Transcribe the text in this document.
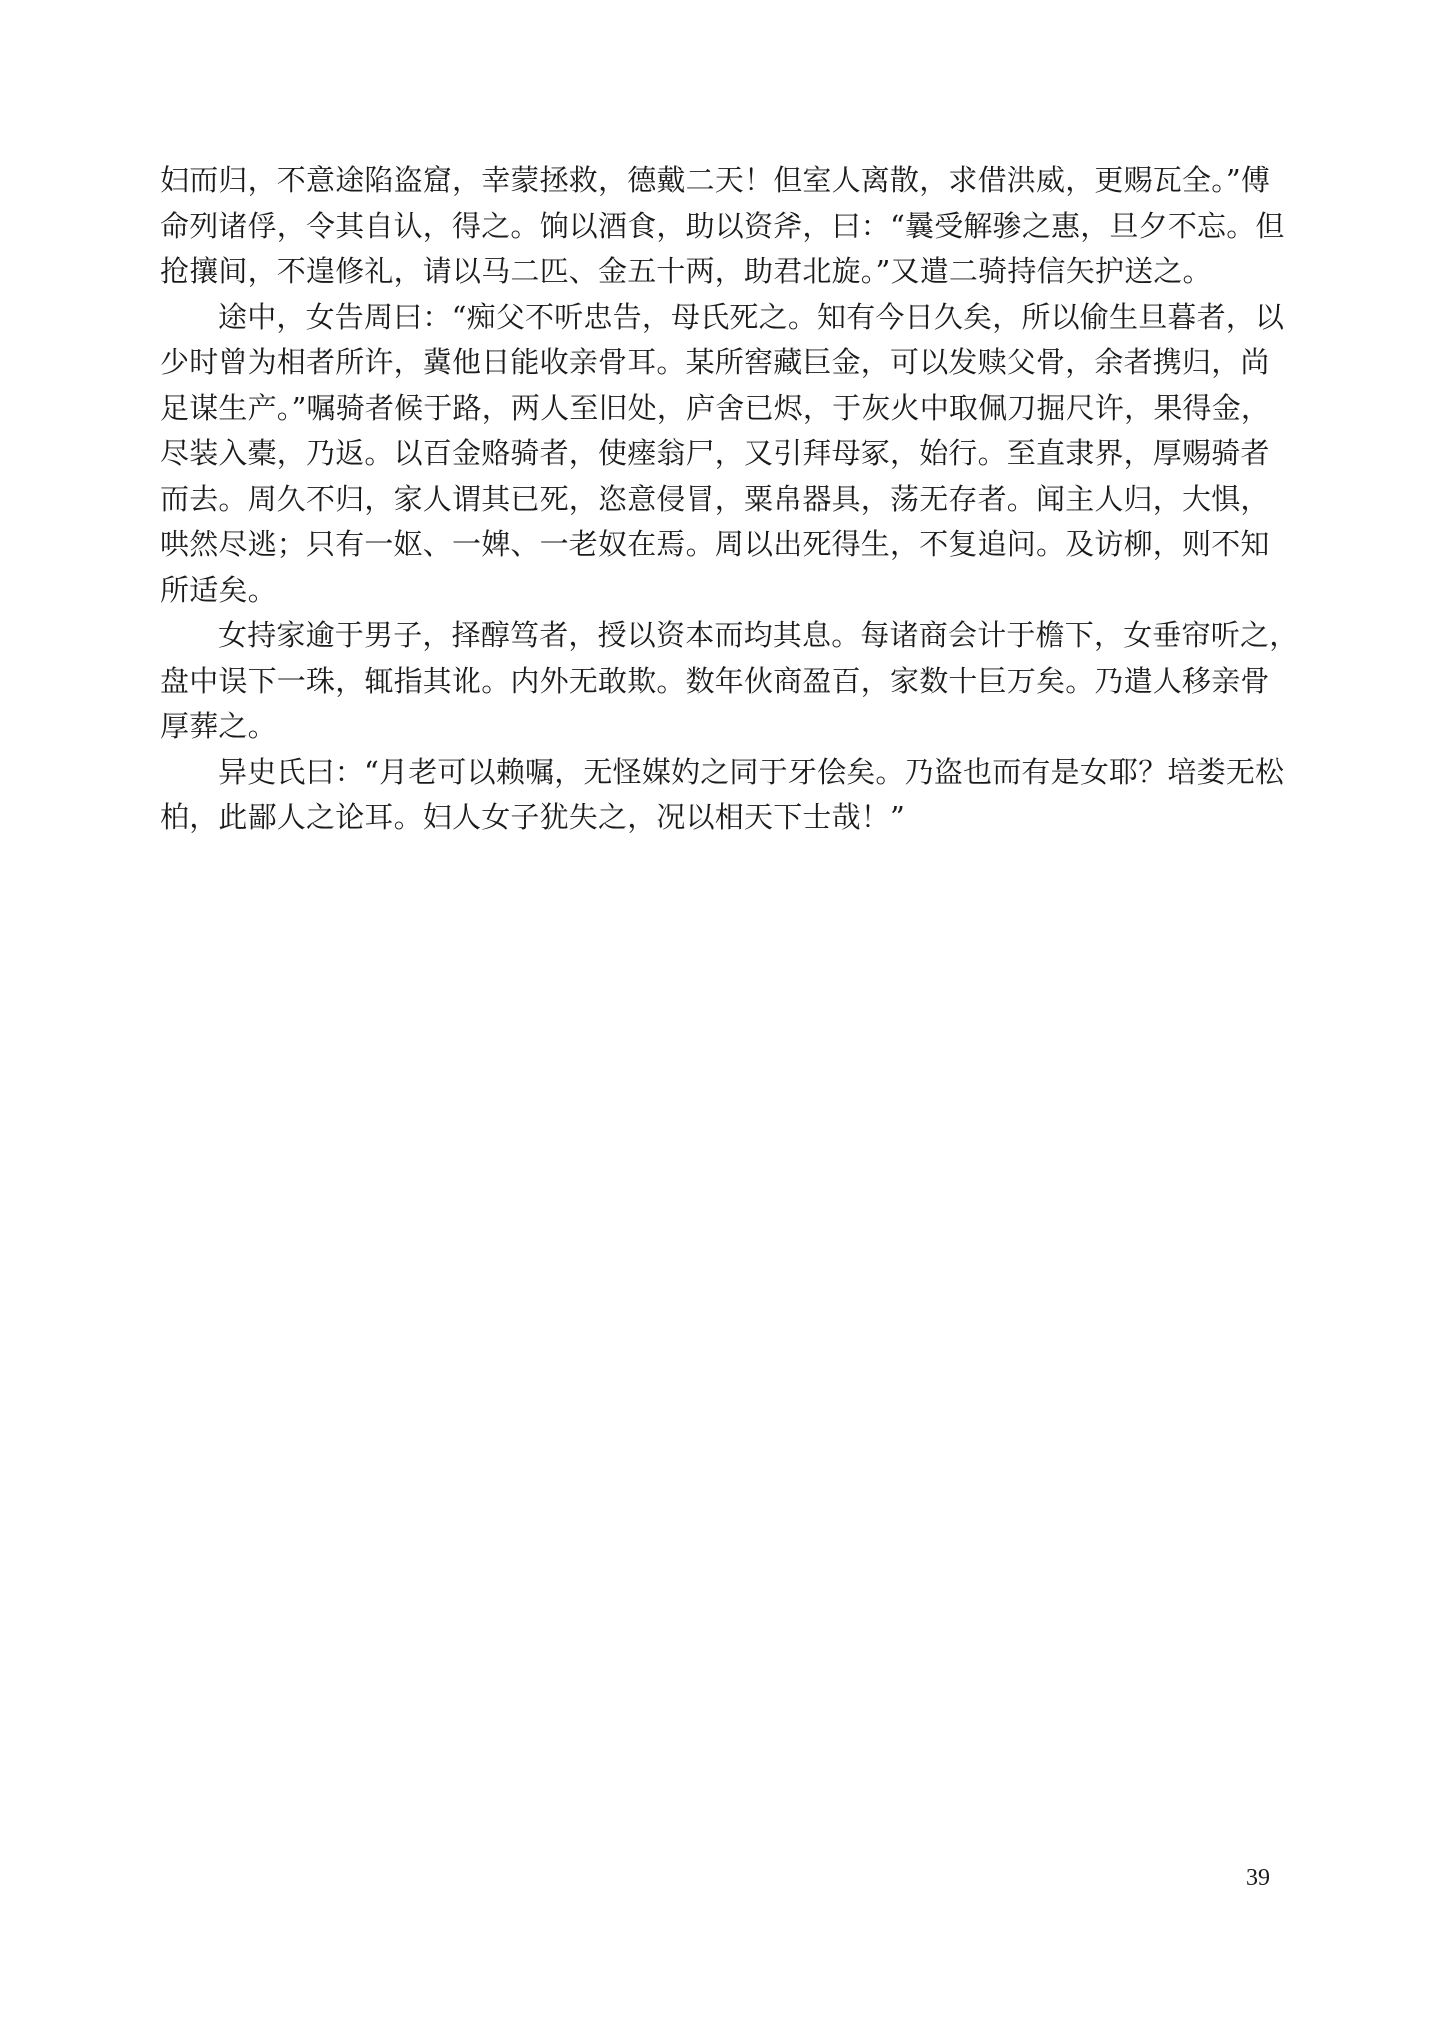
妇而归，不意途陷盗窟，幸蒙拯救，德戴二天！但室人离散，求借洪威，更赐瓦全。”傅
命列诸俘，令其自认，得之。饷以酒食，助以资斧，曰：“曩受解骖之惠，旦夕不忘。但
抢攘间，不遑修礼，请以马二匹、金五十两，助君北旋。”又遣二骑持信矢护送之。
途中，女告周曰：“痴父不听忠告，母氏死之。知有今日久矣，所以偷生旦暮者，以
少时曾为相者所许，冀他日能收亲骨耳。某所窖藏巨金，可以发赎父骨，余者携归，尚
足谋生产。”嘱骑者候于路，两人至旧处，庐舍已烬，于灰火中取佩刀掘尺许，果得金，
尽装入橐，乃返。以百金赂骑者，使瘗翁尸，又引拜母冢，始行。至直隶界，厚赐骑者
而去。周久不归，家人谓其已死，恣意侵冒，粟帛器具，荡无存者。闻主人归，大惧，
哄然尽逃；只有一妪、一婢、一老奴在焉。周以出死得生，不复追问。及访柳，则不知
所适矣。
女持家逾于男子，择醇笃者，授以资本而均其息。每诸商会计于檐下，女垂帘听之，
盘中误下一珠，辄指其讹。内外无敢欺。数年伙商盈百，家数十巨万矣。乃遣人移亲骨
厚葬之。
异史氏曰：“月老可以赖嘱，无怪媒妁之同于牙侩矣。乃盗也而有是女耶？培娄无松
柏，此鄙人之论耳。妇人女子犹失之，况以相天下士哉！”
39
